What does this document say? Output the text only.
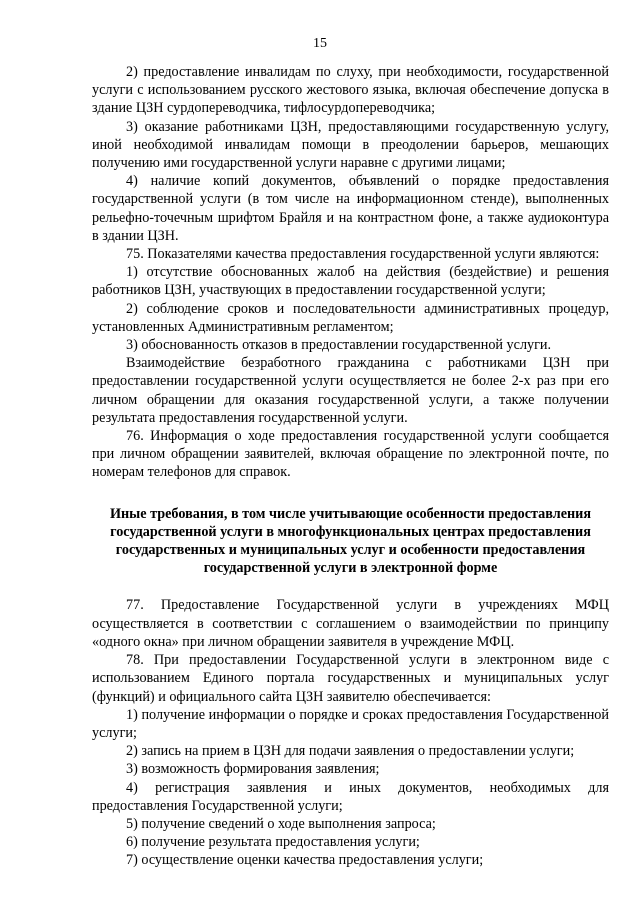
15

2) предоставление инвалидам по слуху, при необходимости, государственной услуги с использованием русского жестового языка, включая обеспечение допуска в здание ЦЗН сурдопереводчика, тифлосурдопереводчика;

3) оказание работниками ЦЗН, предоставляющими государственную услугу, иной необходимой инвалидам помощи в преодолении барьеров, мешающих получению ими государственной услуги наравне с другими лицами;

4) наличие копий документов, объявлений о порядке предоставления государственной услуги (в том числе на информационном стенде), выполненных рельефно-точечным шрифтом Брайля и на контрастном фоне, а также аудиоконтура в здании ЦЗН.

75. Показателями качества предоставления государственной услуги являются:

1) отсутствие обоснованных жалоб на действия (бездействие) и решения работников ЦЗН, участвующих в предоставлении государственной услуги;

2) соблюдение сроков и последовательности административных процедур, установленных Административным регламентом;

3) обоснованность отказов в предоставлении государственной услуги.

Взаимодействие безработного гражданина с работниками ЦЗН при предоставлении государственной услуги осуществляется не более 2-х раз при его личном обращении для оказания государственной услуги, а также получении результата предоставления государственной услуги.

76. Информация о ходе предоставления государственной услуги сообщается при личном обращении заявителей, включая обращение по электронной почте, по номерам телефонов для справок.

Иные требования, в том числе учитывающие особенности предоставления государственной услуги в многофункциональных центрах предоставления государственных и муниципальных услуг и особенности предоставления государственной услуги в электронной форме

77. Предоставление Государственной услуги в учреждениях МФЦ осуществляется в соответствии с соглашением о взаимодействии по принципу «одного окна» при личном обращении заявителя в учреждение МФЦ.

78. При предоставлении Государственной услуги в электронном виде с использованием Единого портала государственных и муниципальных услуг (функций) и официального сайта ЦЗН заявителю обеспечивается:

1) получение информации о порядке и сроках предоставления Государственной услуги;

2) запись на прием в ЦЗН для подачи заявления о предоставлении услуги;

3) возможность формирования заявления;

4) регистрация заявления и иных документов, необходимых для предоставления Государственной услуги;

5) получение сведений о ходе выполнения запроса;

6) получение результата предоставления услуги;

7) осуществление оценки качества предоставления услуги;
